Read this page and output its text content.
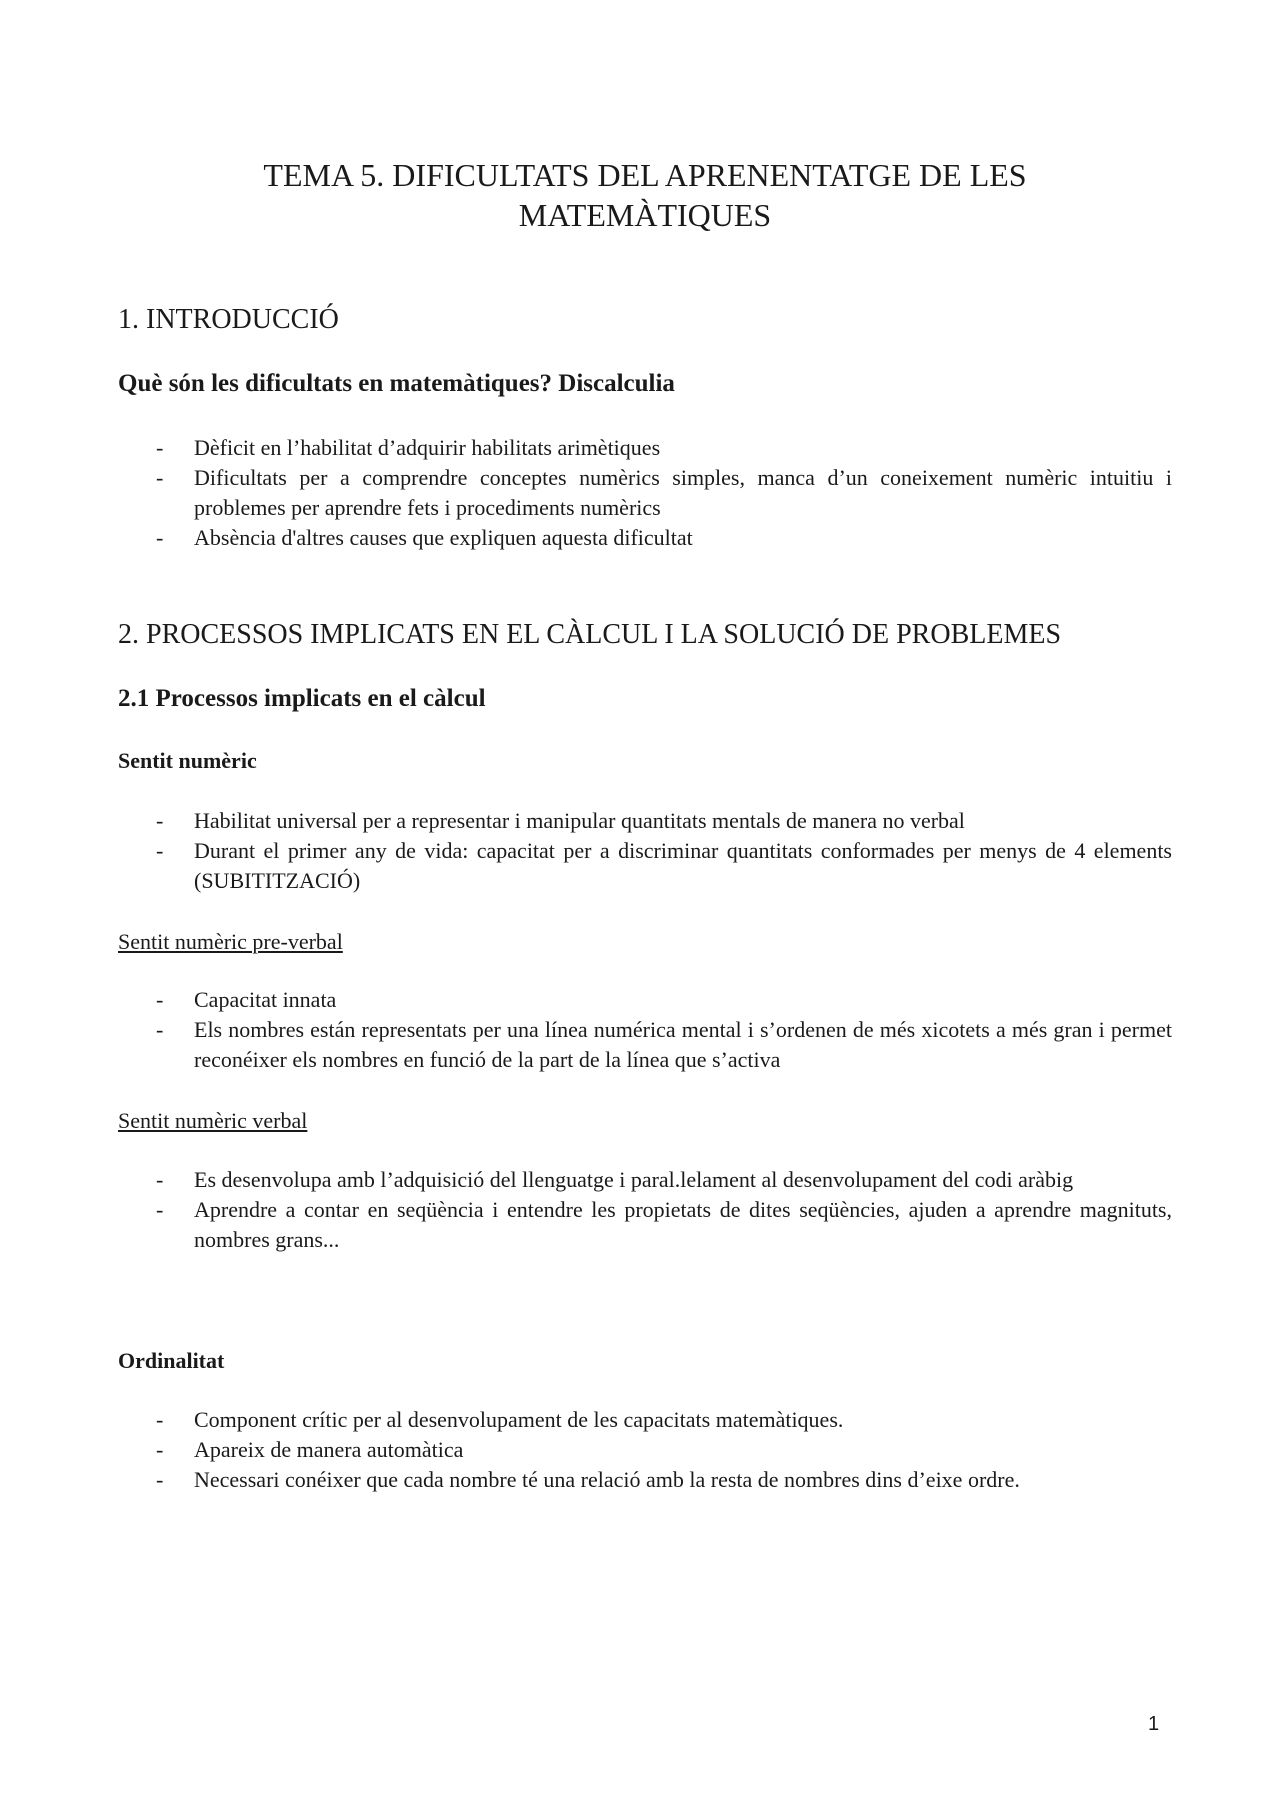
TEMA 5. DIFICULTATS DEL APRENENTATGE DE LES
MATEMÀTIQUES
1. INTRODUCCIÓ
Què són les dificultats en matemàtiques? Discalculia
- Dèficit en l’habilitat d’adquirir habilitats arimètiques
- Dificultats per a comprendre conceptes numèrics simples, manca d’un coneixement numèric intuitiu i problemes per aprendre fets i procediments numèrics
- Absència d'altres causes que expliquen aquesta dificultat
2. PROCESSOS IMPLICATS EN EL CÀLCUL I LA SOLUCIÓ DE PROBLEMES
2.1 Processos implicats en el càlcul
Sentit numèric
- Habilitat universal per a representar i manipular quantitats mentals de manera no verbal
- Durant el primer any de vida: capacitat per a discriminar quantitats conformades per menys de 4 elements (SUBITITZACIÓ)

Sentit numèric pre-verbal

- Capacitat innata
- Els nombres están representats per una línea numérica mental i s’ordenen de més xicotets a més gran i permet reconéixer els nombres en funció de la part de la línea que s’activa

Sentit numèric verbal

- Es desenvolupa amb l’adquisició del llenguatge i paral.lelament al desenvolupament del codi aràbig
- Aprendre a contar en seqüència i entendre les propietats de dites seqüències, ajuden a aprendre magnituts, nombres grans...
Ordinalitat
- Component crític per al desenvolupament de les capacitats matemàtiques.
- Apareix de manera automàtica
- Necessari conéixer que cada nombre té una relació amb la resta de nombres dins d’eixe ordre.
1
